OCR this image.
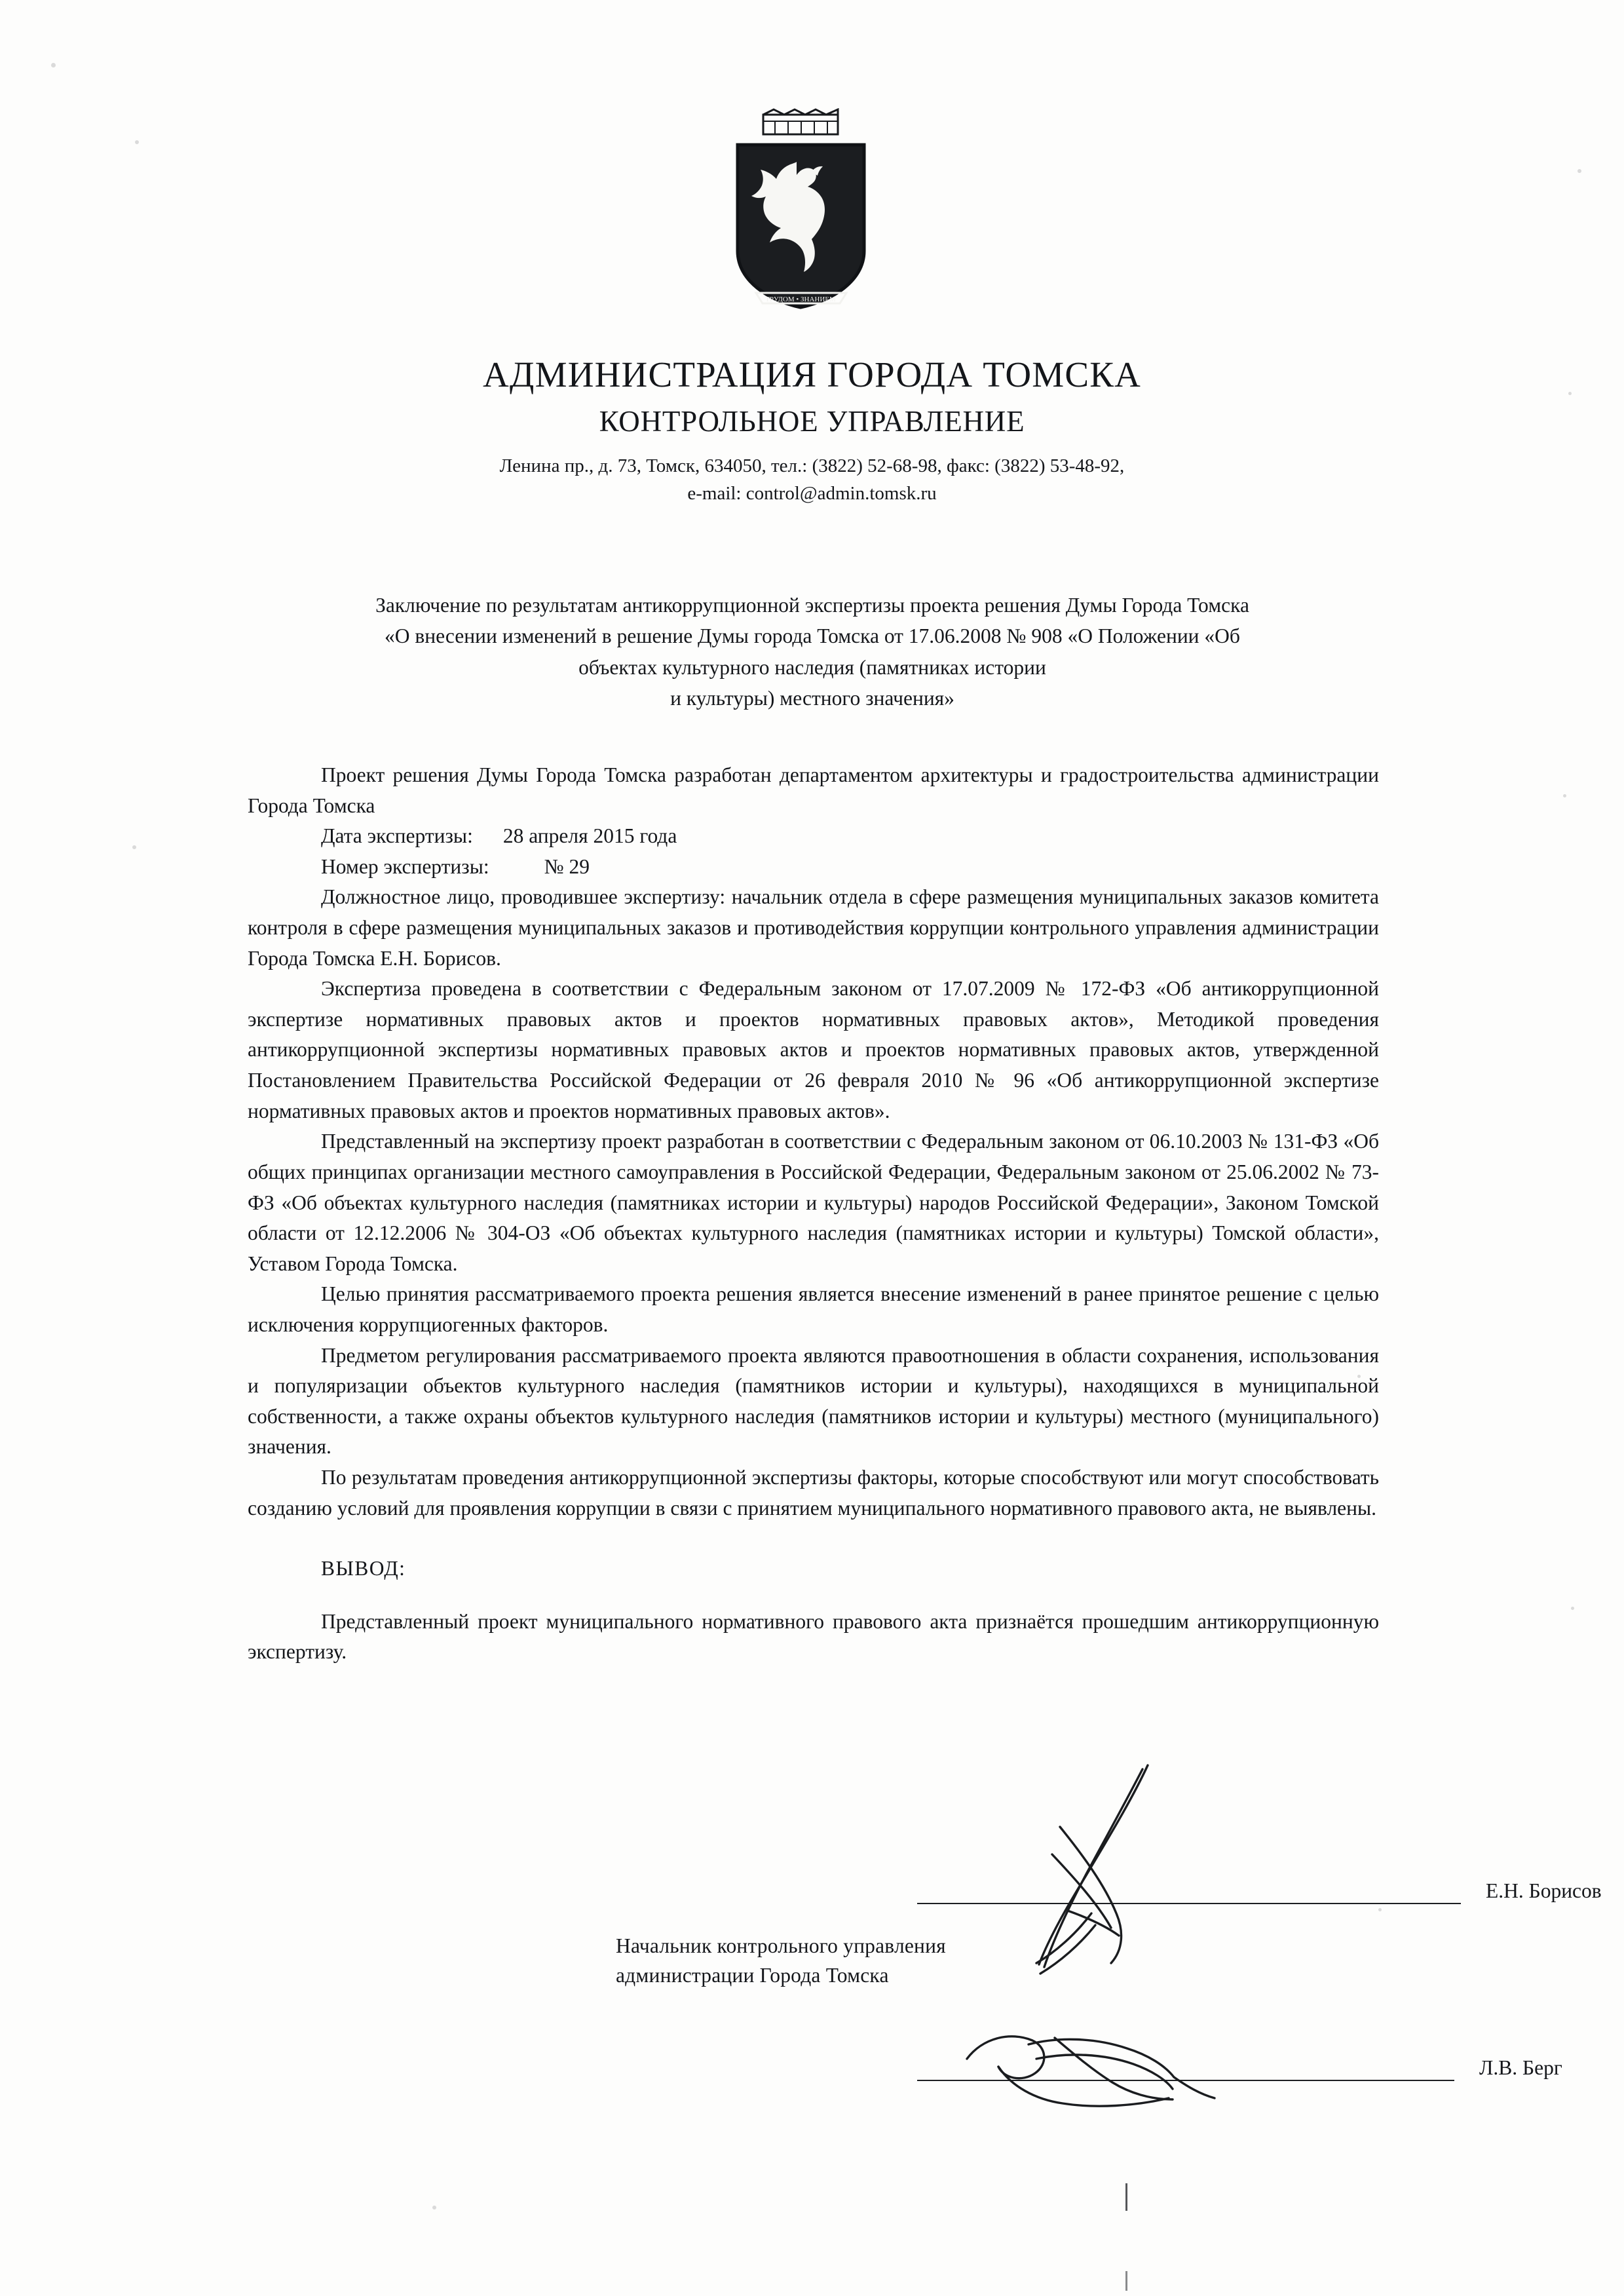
ТРУДОМ • ЗНАНИЕМ
АДМИНИСТРАЦИЯ ГОРОДА ТОМСКА
КОНТРОЛЬНОЕ УПРАВЛЕНИЕ
Ленина пр., д. 73, Томск, 634050, тел.: (3822) 52-68-98, факс: (3822) 53-48-92,
e-mail: control@admin.tomsk.ru
Заключение по результатам антикоррупционной экспертизы проекта решения Думы Города Томска
«О внесении изменений в решение Думы города Томска от 17.06.2008 № 908 «О Положении «Об
объектах культурного наследия (памятниках истории
и культуры) местного значения»

Проект решения Думы Города Томска разработан департаментом архитектуры и градостроительства администрации Города Томска

Дата экспертизы: 28 апреля 2015 года

Номер экспертизы:	№ 29

Должностное лицо, проводившее экспертизу: начальник отдела в сфере размещения муниципальных заказов комитета контроля в сфере размещения муниципальных заказов и противодействия коррупции контрольного управления администрации Города Томска Е.Н. Борисов.

Экспертиза проведена в соответствии с Федеральным законом от 17.07.2009 № 172-ФЗ «Об антикоррупционной экспертизе нормативных правовых актов и проектов нормативных правовых актов», Методикой проведения антикоррупционной экспертизы нормативных правовых актов и проектов нормативных правовых актов, утвержденной Постановлением Правительства Российской Федерации от 26 февраля 2010 № 96 «Об антикоррупционной экспертизе нормативных правовых актов и проектов нормативных правовых актов».

Представленный на экспертизу проект разработан в соответствии с Федеральным законом от 06.10.2003 № 131-ФЗ «Об общих принципах организации местного самоуправления в Российской Федерации, Федеральным законом от 25.06.2002 № 73-ФЗ «Об объектах культурного наследия (памятниках истории и культуры) народов Российской Федерации», Законом Томской области от 12.12.2006 № 304-ОЗ «Об объектах культурного наследия (памятниках истории и культуры) Томской области», Уставом Города Томска.

Целью принятия рассматриваемого проекта решения является внесение изменений в ранее принятое решение с целью исключения коррупциогенных факторов.

Предметом регулирования рассматриваемого проекта являются правоотношения в области сохранения, использования и популяризации объектов культурного наследия (памятников истории и культуры), находящихся в муниципальной собственности, а также охраны объектов культурного наследия (памятников истории и культуры) местного (муниципального) значения.

По результатам проведения антикоррупционной экспертизы факторы, которые способствуют или могут способствовать созданию условий для проявления коррупции в связи с принятием муниципального нормативного правового акта, не выявлены.

ВЫВОД:

Представленный проект муниципального нормативного правового акта признаётся прошедшим антикоррупционную экспертизу.

Е.Н. Борисов
Начальник контрольного управления
администрации Города Томска
Л.В. Берг
